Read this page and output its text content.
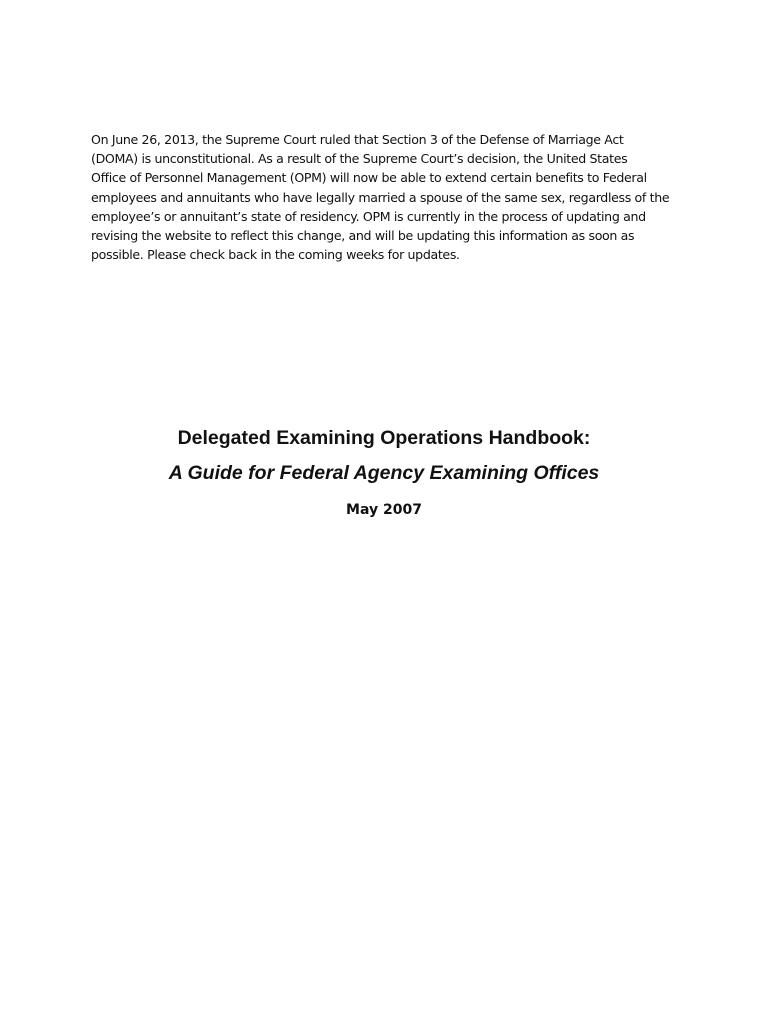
On June 26, 2013, the Supreme Court ruled that Section 3 of the Defense of Marriage Act
(DOMA) is unconstitutional. As a result of the Supreme Court’s decision, the United States
Office of Personnel Management (OPM) will now be able to extend certain benefits to Federal
employees and annuitants who have legally married a spouse of the same sex, regardless of the
employee’s or annuitant’s state of residency. OPM is currently in the process of updating and
revising the website to reflect this change, and will be updating this information as soon as
possible. Please check back in the coming weeks for updates.

Delegated Examining Operations Handbook:
A Guide for Federal Agency Examining Offices

May 2007
